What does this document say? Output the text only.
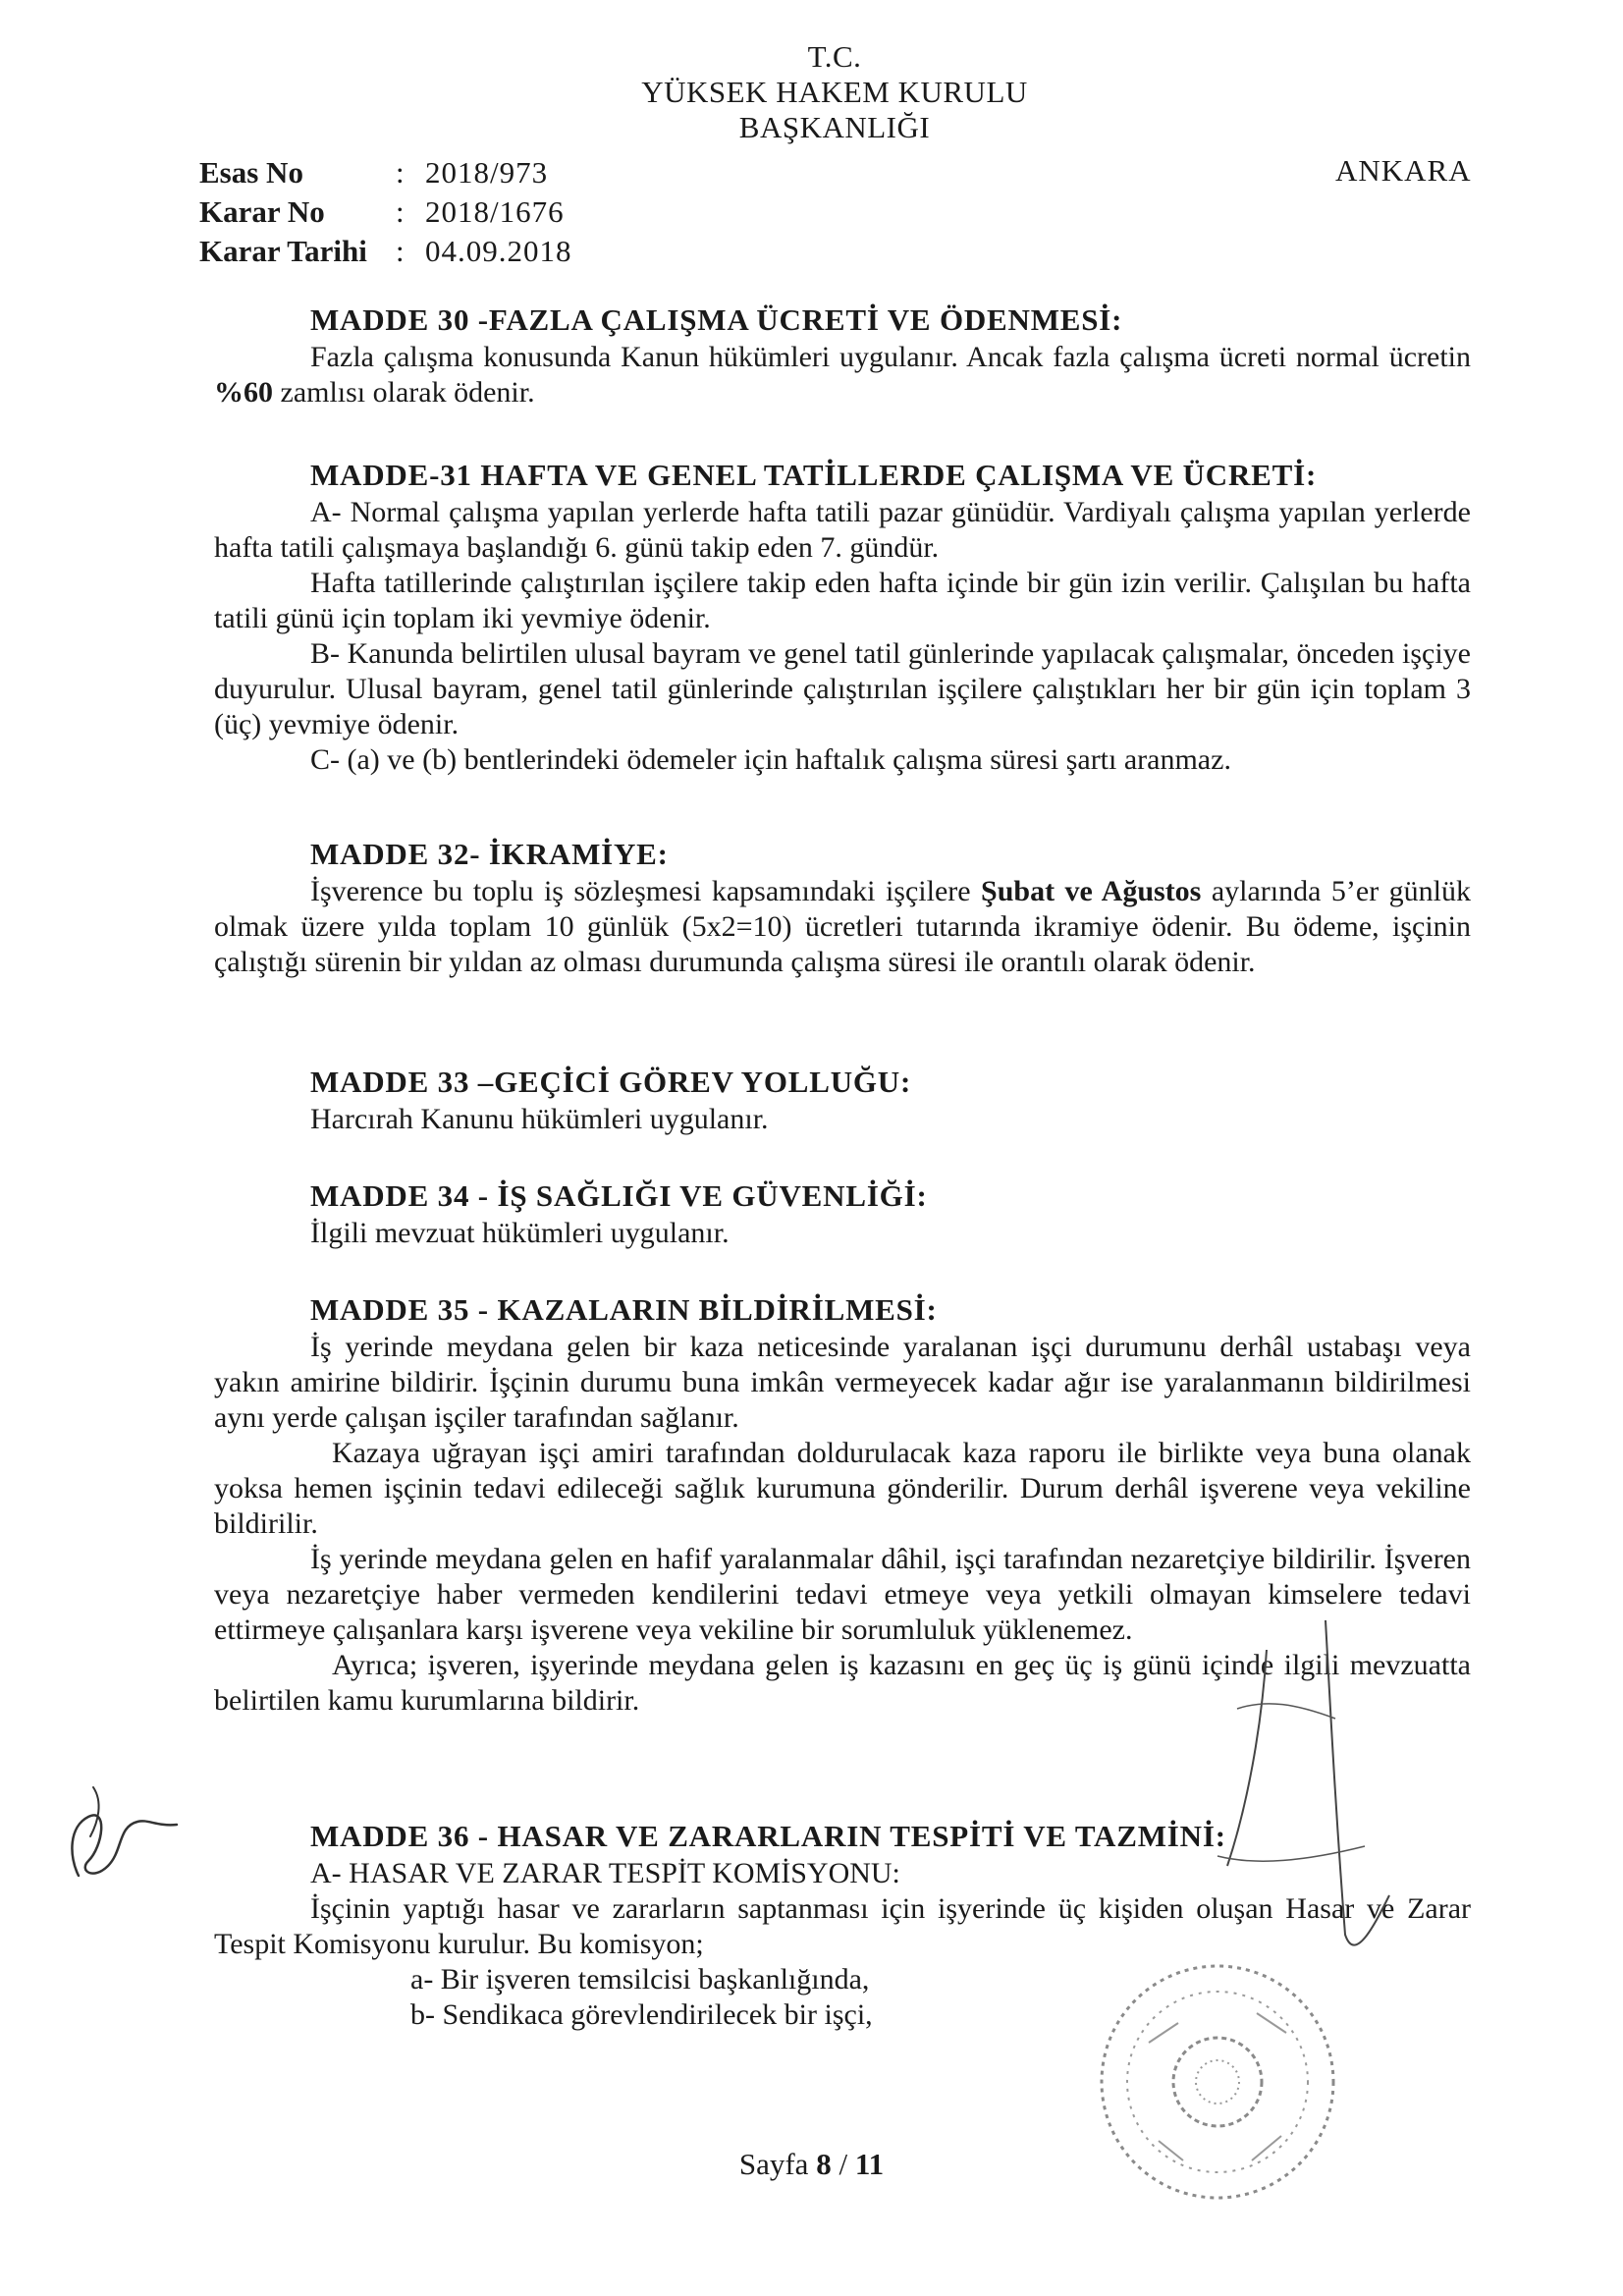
T.C.
YÜKSEK HAKEM KURULU
BAŞKANLIĞI
ANKARA
Esas No	: 2018/973
Karar No	: 2018/1676
Karar Tarihi : 04.09.2018
MADDE 30 -FAZLA ÇALIŞMA ÜCRETİ VE ÖDENMESİ:

Fazla çalışma konusunda Kanun hükümleri uygulanır. Ancak fazla çalışma ücreti normal ücretin %60 zamlısı olarak ödenir.

MADDE-31 HAFTA VE GENEL TATİLLERDE ÇALIŞMA VE ÜCRETİ:

A- Normal çalışma yapılan yerlerde hafta tatili pazar günüdür. Vardiyalı çalışma yapılan yerlerde hafta tatili çalışmaya başlandığı 6. günü takip eden 7. gündür.

Hafta tatillerinde çalıştırılan işçilere takip eden hafta içinde bir gün izin verilir. Çalışılan bu hafta tatili günü için toplam iki yevmiye ödenir.

B- Kanunda belirtilen ulusal bayram ve genel tatil günlerinde yapılacak çalışmalar, önceden işçiye duyurulur. Ulusal bayram, genel tatil günlerinde çalıştırılan işçilere çalıştıkları her bir gün için toplam 3 (üç) yevmiye ödenir.

C- (a) ve (b) bentlerindeki ödemeler için haftalık çalışma süresi şartı aranmaz.

MADDE 32- İKRAMİYE:

İşverence bu toplu iş sözleşmesi kapsamındaki işçilere Şubat ve Ağustos aylarında 5’er günlük olmak üzere yılda toplam 10 günlük (5x2=10) ücretleri tutarında ikramiye ödenir. Bu ödeme, işçinin çalıştığı sürenin bir yıldan az olması durumunda çalışma süresi ile orantılı olarak ödenir.

MADDE 33 –GEÇİCİ GÖREV YOLLUĞU:

Harcırah Kanunu hükümleri uygulanır.

MADDE 34 - İŞ SAĞLIĞI VE GÜVENLİĞİ:

İlgili mevzuat hükümleri uygulanır.

MADDE 35 - KAZALARIN BİLDİRİLMESİ:

İş yerinde meydana gelen bir kaza neticesinde yaralanan işçi durumunu derhâl ustabaşı veya yakın amirine bildirir. İşçinin durumu buna imkân vermeyecek kadar ağır ise yaralanmanın bildirilmesi aynı yerde çalışan işçiler tarafından sağlanır.

Kazaya uğrayan işçi amiri tarafından doldurulacak kaza raporu ile birlikte veya buna olanak yoksa hemen işçinin tedavi edileceği sağlık kurumuna gönderilir. Durum derhâl işverene veya vekiline bildirilir.

İş yerinde meydana gelen en hafif yaralanmalar dâhil, işçi tarafından nezaretçiye bildirilir. İşveren veya nezaretçiye haber vermeden kendilerini tedavi etmeye veya yetkili olmayan kimselere tedavi ettirmeye çalışanlara karşı işverene veya vekiline bir sorumluluk yüklenemez.

Ayrıca; işveren, işyerinde meydana gelen iş kazasını en geç üç iş günü içinde ilgili mevzuatta belirtilen kamu kurumlarına bildirir.

MADDE 36 - HASAR VE ZARARLARIN TESPİTİ VE TAZMİNİ:

A- HASAR VE ZARAR TESPİT KOMİSYONU:

İşçinin yaptığı hasar ve zararların saptanması için işyerinde üç kişiden oluşan Hasar ve Zarar Tespit Komisyonu kurulur. Bu komisyon;

a- Bir işveren temsilcisi başkanlığında,

b- Sendikaca görevlendirilecek bir işçi,

Sayfa 8 / 11
